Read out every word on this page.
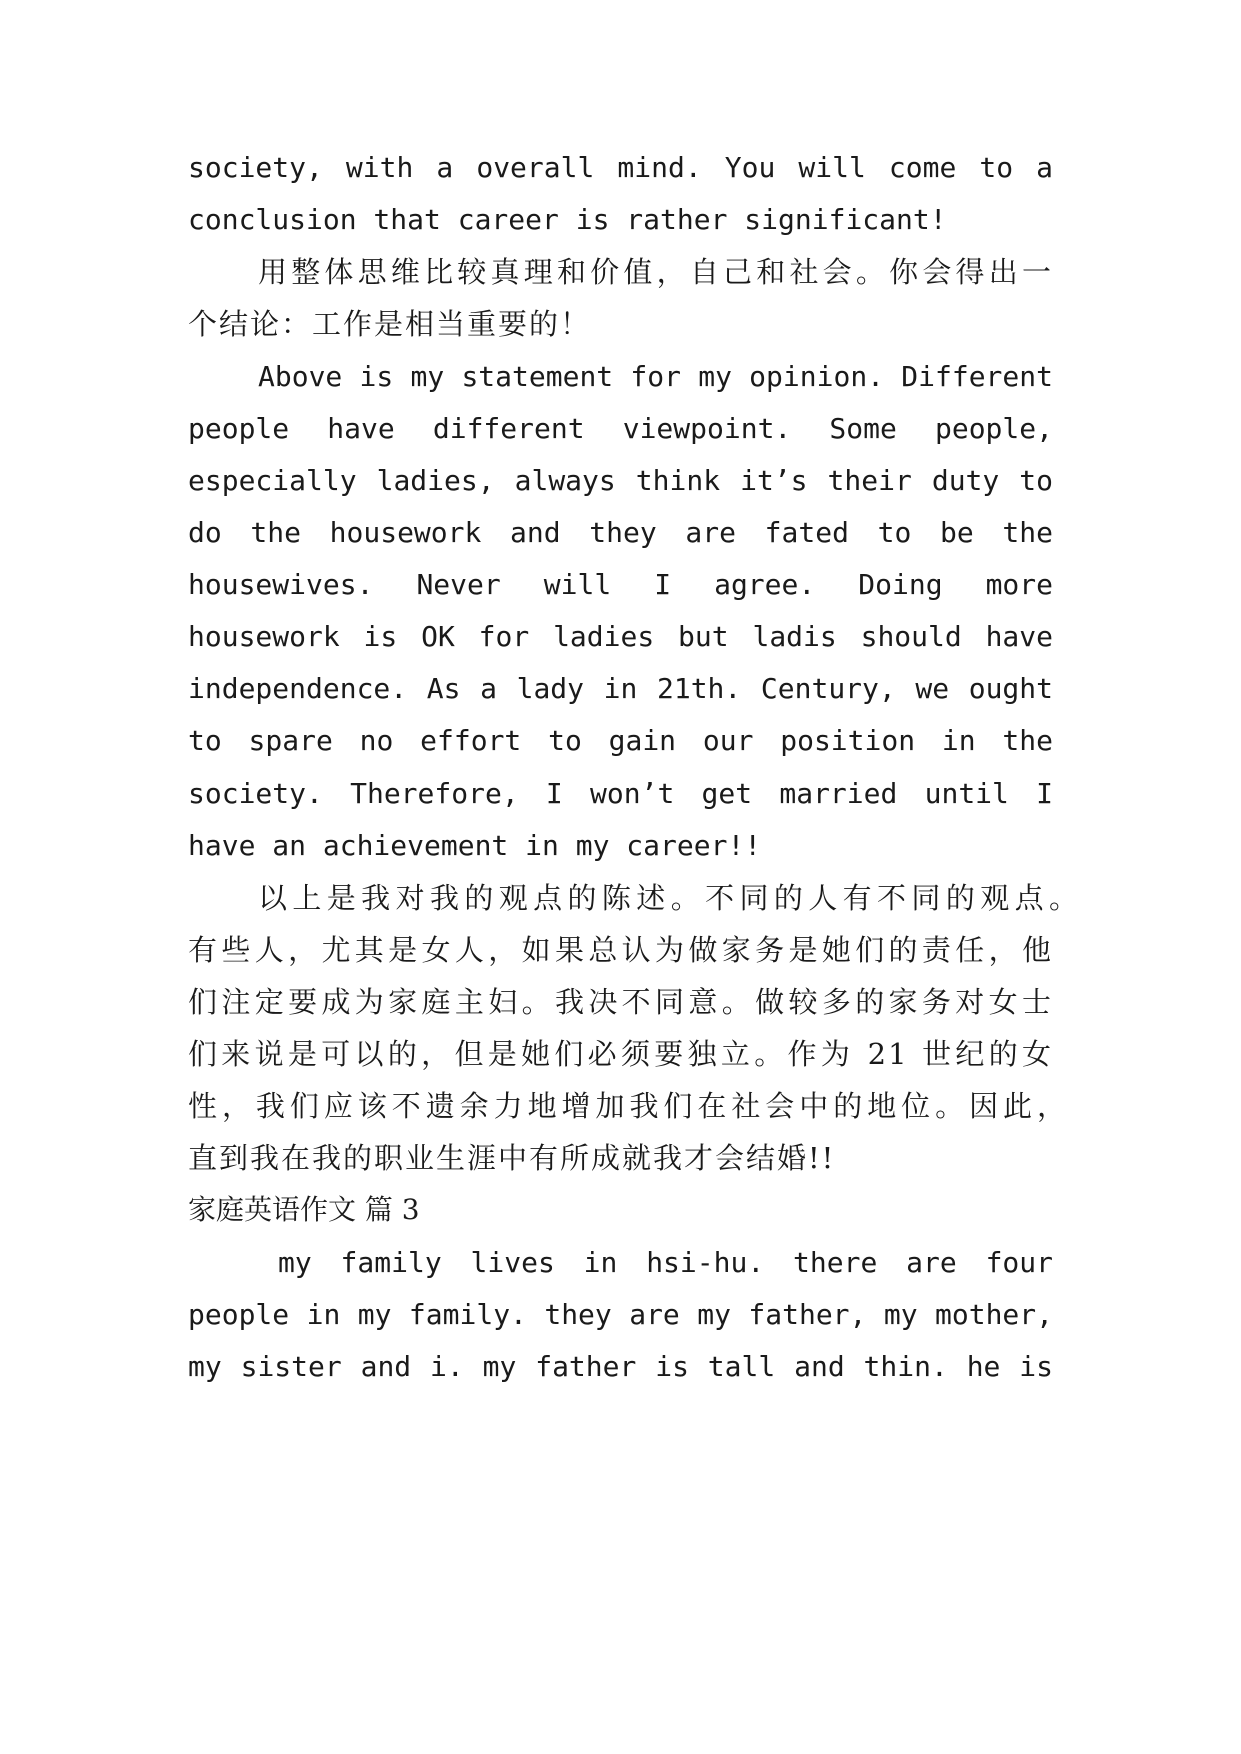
society, with a overall mind. You will come to a
conclusion that career is rather significant!
用整体思维比较真理和价值，自己和社会。你会得出一
个结论：工作是相当重要的！
Above is my statement for my opinion. Different
people have different viewpoint. Some people,
especially ladies, always think it’s their duty to
do the housework and they are fated to be the
housewives. Never will I agree. Doing more
housework is OK for ladies but ladis should have
independence. As a lady in 21th. Century, we ought
to spare no effort to gain our position in the
society. Therefore, I won’t get married until I
have an achievement in my career!!
以上是我对我的观点的陈述。不同的人有不同的观点。
有些人，尤其是女人，如果总认为做家务是她们的责任，他
们注定要成为家庭主妇。我决不同意。做较多的家务对女士
们来说是可以的，但是她们必须要独立。作为 21 世纪的女
性，我们应该不遗余力地增加我们在社会中的地位。因此，
直到我在我的职业生涯中有所成就我才会结婚!!
家庭英语作文 篇 3
my family lives in hsi-hu. there are four
people in my family. they are my father, my mother,
my sister and i. my father is tall and thin. he is
